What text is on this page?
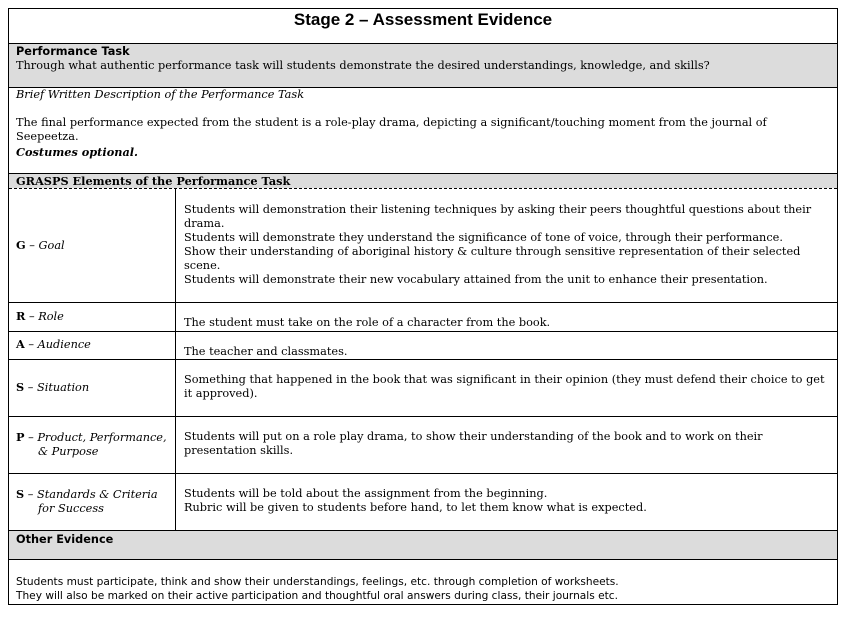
Stage 2 – Assessment Evidence
Performance Task
Through what authentic performance task will students demonstrate the desired understandings, knowledge, and skills?
Brief Written Description of the Performance Task
The final performance expected from the student is a role-play drama, depicting a significant/touching moment from the journal of Seepeetza.
Costumes optional.
GRASPS Elements of the Performance Task
G – Goal
Students will demonstration their listening techniques by asking their peers thoughtful questions about their drama.
Students will demonstrate they understand the significance of tone of voice, through their performance.
Show their understanding of aboriginal history & culture through sensitive representation of their selected scene.
Students will demonstrate their new vocabulary attained from the unit to enhance their presentation.
R – Role	The student must take on the role of a character from the book.
A – Audience
The teacher and classmates.
S – Situation
Something that happened in the book that was significant in their opinion (they must defend their choice to get it approved).
P – Product, Performance,
& Purpose
Students will put on a role play drama, to show their understanding of the book and to work on their presentation skills.
S – Standards & Criteria
for Success
Students will be told about the assignment from the beginning.
Rubric will be given to students before hand, to let them know what is expected.
Other Evidence
Students must participate, think and show their understandings, feelings, etc. through completion of worksheets.
They will also be marked on their active participation and thoughtful oral answers during class, their journals etc.
